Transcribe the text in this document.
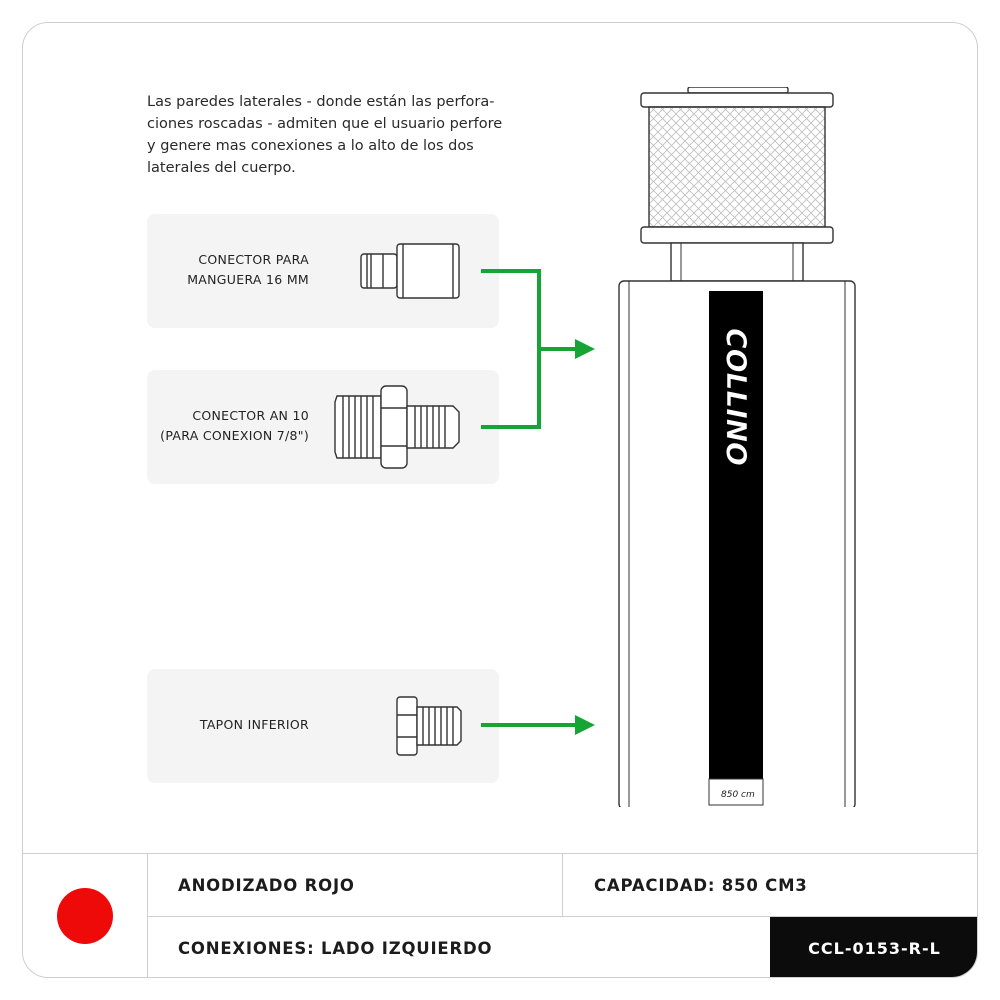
Las paredes laterales - donde están las perfora-
ciones roscadas - admiten que el usuario perfore
y genere mas conexiones a lo alto de los dos
laterales del cuerpo.
CONECTOR PARA
MANGUERA 16 MM
CONECTOR AN 10
(PARA CONEXION 7/8")
TAPON INFERIOR
850 cm
COLLINO
ANODIZADO ROJO	CAPACIDAD: 850 CM3
CONEXIONES: LADO IZQUIERDO	CCL-0153-R-L
